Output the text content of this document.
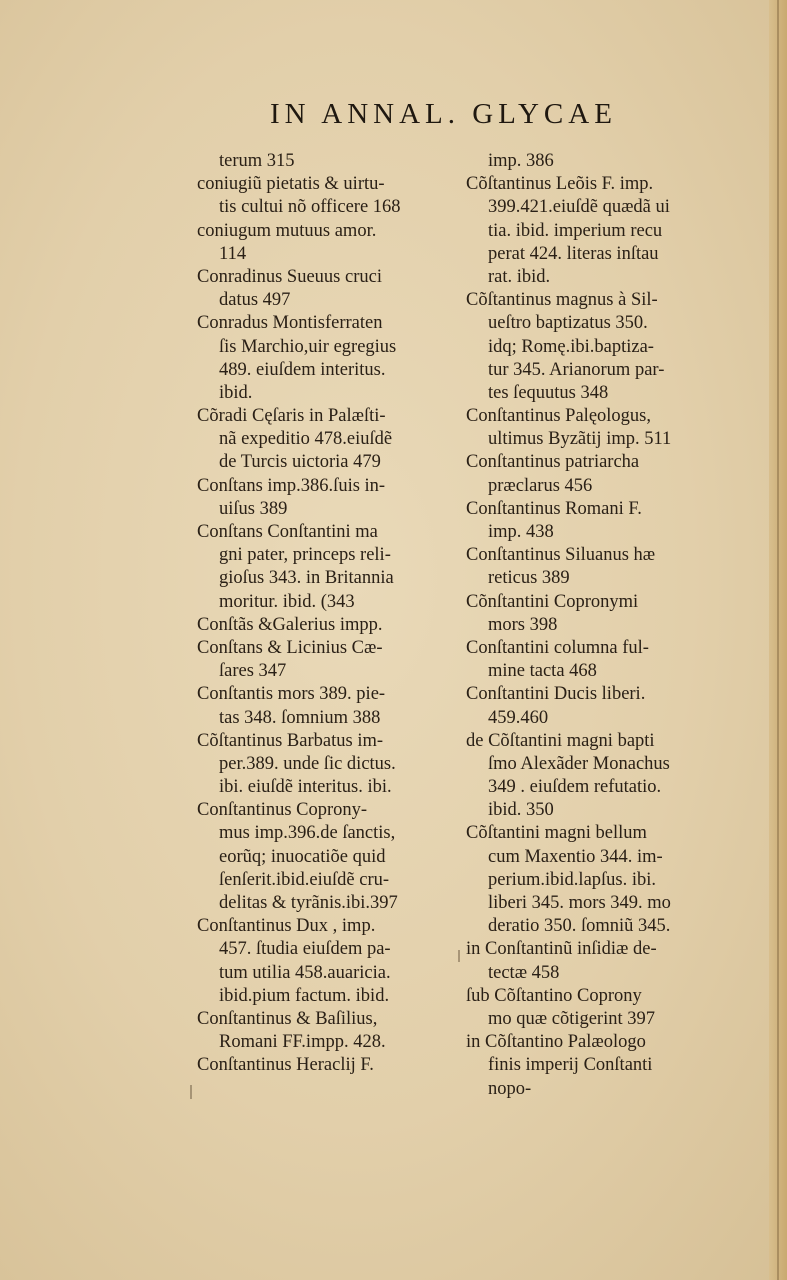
IN ANNAL. GLYCAE
terum 315
coniugiũ pietatis & uirtu-
tis cultui nõ officere 168
coniugum mutuus amor.
114
Conradinus Sueuus cruci
datus 497
Conradus Montisferraten
ſis Marchio,uir egregius
489. eiuſdem interitus.
ibid.
Cõradi Cęſaris in Palæſti-
nã expeditio 478.eiuſdẽ
de Turcis uictoria 479
Conſtans imp.386.ſuis in-
uiſus 389
Conſtans Conſtantini ma
gni pater, princeps reli-
gioſus 343. in Britannia
moritur. ibid. (343
Conſtãs &Galerius impp.
Conſtans & Licinius Cæ-
ſares 347
Conſtantis mors 389. pie-
tas 348. ſomnium 388
Cõſtantinus Barbatus im-
per.389. unde ſic dictus.
ibi. eiuſdẽ interitus. ibi.
Conſtantinus Coprony-
mus imp.396.de ſanctis,
eorũq; inuocatiõe quid
ſenſerit.ibid.eiuſdẽ cru-
delitas & tyrãnis.ibi.397
Conſtantinus Dux , imp.
457. ſtudia eiuſdem pa-
tum utilia 458.auaricia.
ibid.pium factum. ibid.
Conſtantinus & Baſilius,
Romani FF.impp. 428.
Conſtantinus Heraclij F.
imp. 386
Cõſtantinus Leõis F. imp.
399.421.eiuſdẽ quædã ui
tia. ibid. imperium recu
perat 424. literas inſtau
rat. ibid.
Cõſtantinus magnus à Sil-
ueſtro baptizatus 350.
idq; Romę.ibi.baptiza-
tur 345. Arianorum par-
tes ſequutus 348
Conſtantinus Palęologus,
ultimus Byzãtij imp. 511
Conſtantinus patriarcha
præclarus 456
Conſtantinus Romani F.
imp. 438
Conſtantinus Siluanus hæ
reticus 389
Cõnſtantini Copronymi
mors 398
Conſtantini columna ful-
mine tacta 468
Conſtantini Ducis liberi.
459.460
de Cõſtantini magni bapti
ſmo Alexãder Monachus
349 . eiuſdem refutatio.
ibid. 350
Cõſtantini magni bellum
cum Maxentio 344. im-
perium.ibid.lapſus. ibi.
liberi 345. mors 349. mo
deratio 350. ſomniũ 345.
in Conſtantinũ inſidiæ de-
tectæ 458
ſub Cõſtantino Coprony
mo quæ cõtigerint 397
in Cõſtantino Palæologo
finis imperij Conſtanti
nopo-
